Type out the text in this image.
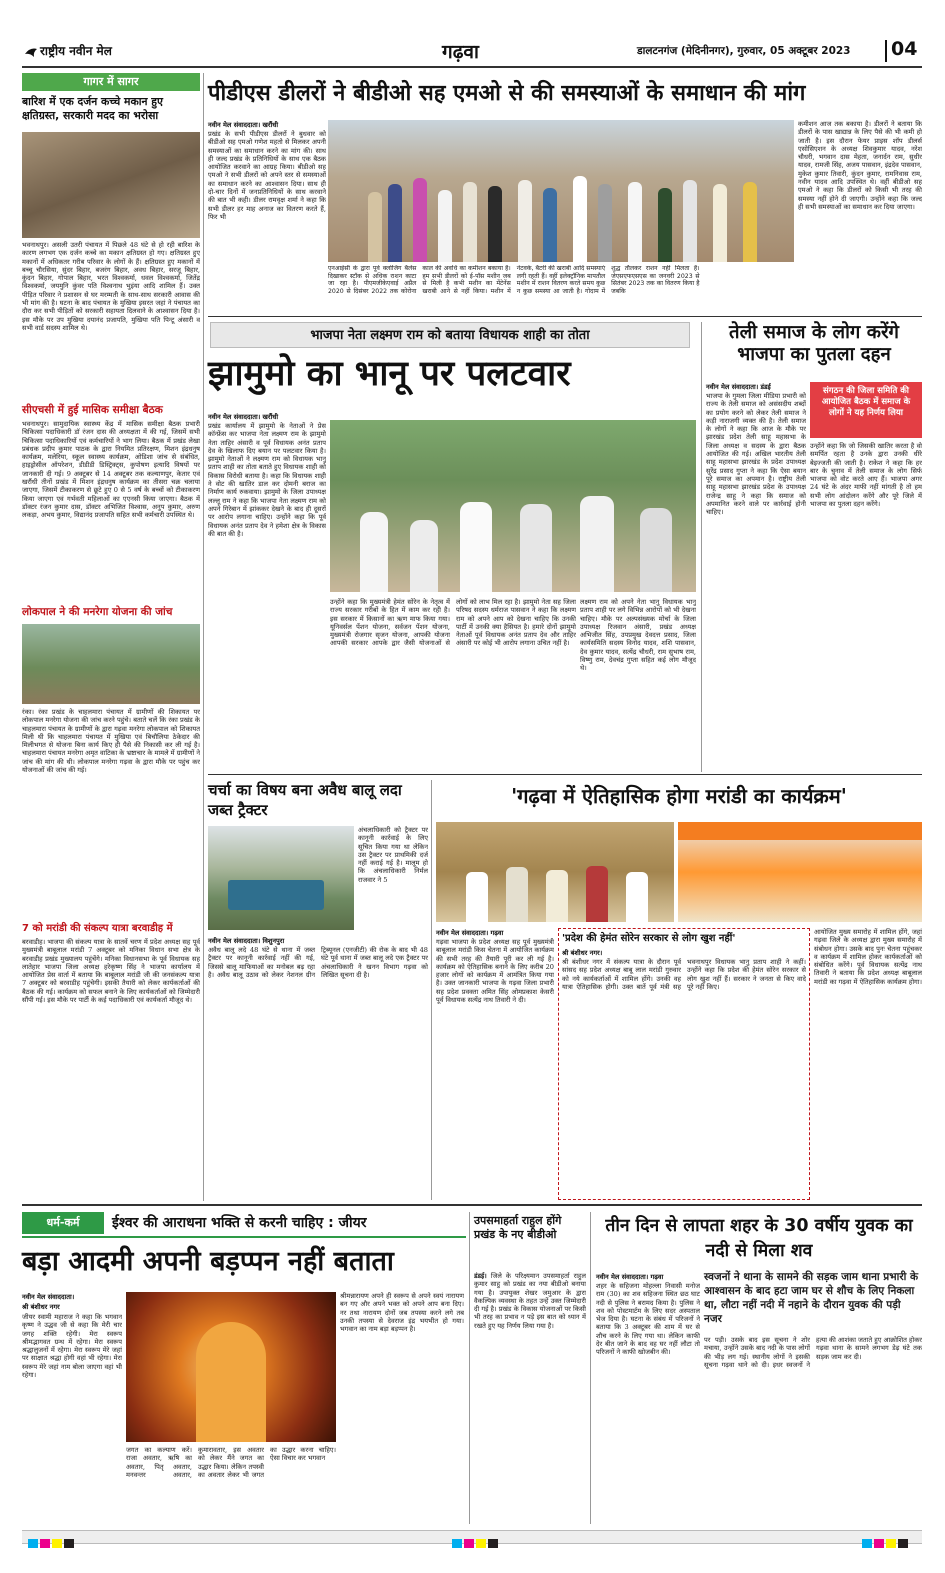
राष्ट्रीय नवीन मेल	गढ़वा	डालटनगंज (मेदिनीनगर), गुरुवार, 05 अक्टूबर 2023 04
गागर में सागर
बारिश में एक दर्जन कच्चे मकान हुए क्षतिग्रस्त, सरकारी मदद का भरोसा
भवनाथपुर। असली उतरी पंचायत में पिछले 48 घंटे से हो रही बारिश के कारण लगभग एक दर्जन कच्चे का मकान क्षतिग्रस्त हो गए। क्षतिग्रस्त हुए मकानों में अधिकतर गरीब परिवार के लोगों के हैं। क्षतिग्रस्त हुए मकानों में बच्चू चौरसिया, सुंदर बिहार, बजरंग बिहार, अवध बिहार, सरजू बिहार, कुंदन बिहार, गोपाल बिहार, भरत विश्वकर्मा, धवल विश्वकर्मा, जितेंद्र विश्वकर्मा, जयमुनि कुंवर पति विश्वनाथ भुइंया आदि शामिल हैं। उक्त पीड़ित परिवार ने प्रशासन से घर मरम्मती के साथ-साथ सरकारी आवास की भी मांग की है। घटना के बाद पंचायत के मुखिया इसरत जहां ने पंचायत का दौरा कर सभी पीड़ितों को सरकारी सहायता दिलवाने के आश्वासन दिया है। इस मौके पर उप मुखिया दयानंद प्रजापति, मुखिया पति पिन्टू अंसारी व सभी वार्ड सदस्य शामिल थे।
सीएचसी में हुई मासिक समीक्षा बैठक
भवनाथपुर। सामुदायिक स्वास्थ्य केंद्र में मासिक समीक्षा बैठक प्रभारी चिकित्सा पदाधिकारी डॉ रंजन दास की अध्यक्षता में की गई, जिसमें सभी चिकित्सा पदाधिकारियों एवं कर्मचारियों ने भाग लिया। बैठक में प्रखंड लेखा प्रबंधक प्रदीप कुमार पाठक के द्वारा नियमित प्रतिरक्षण, मिशन इंद्रधनुष कार्यक्रम, मलेरिया, स्कूल स्वास्थ्य कार्यक्रम, ओडिशा जांच से संबंधित, हाइड्रोसील ऑपरेशन, डीडीडी डिस्ट्रिक्ट्स, कुपोषण इत्यादि विषयों पर जानकारी दी गई। 9 अक्टूबर से 14 अक्टूबर तक कल्याणपुर, केतार एवं खरौंधी तीनों प्रखंड में मिशन इंद्रधनुष कार्यक्रम का तीसरा चक्र चलाया जाएगा, जिसमें टीकाकरण से छूटे हुए 0 से 5 वर्ष के बच्चों को टीकाकरण किया जाएगा एवं गर्भवती महिलाओं का एएनसी किया जाएगा। बैठक में डॉक्टर रंजन कुमार दास, डॉक्टर अभिजित विश्वास, अनुप कुमार, अरुण लकड़ा, अभय कुमार, विद्यानंद प्रजापति सहित सभी कर्मचारी उपस्थित थे।
लोकपाल ने की मनरेगा योजना की जांच
रंका। रंका प्रखंड के चाहलमारा पंचायत में ग्रामीणों की शिकायत पर लोकपाल मनरेगा योजना की जांच करने पहुंचे। बताते चलें कि रंका प्रखंड के चाहलमारा पंचायत के ग्रामीणों के द्वारा गढ़वा मनरेगा लोकपाल को शिकायत मिली थी कि चाहलमारा पंचायत में मुखिया एवं बिचौलिया ठेकेदार की मिलीभगत से योजना बिना कार्य किए ही पैसे की निकासी कर ली गई है। चाहलमारा पंचायत मनरेगा अमृत वाटिका के भ्रष्टाचार के मामले में ग्रामीणों ने जांच की मांग की थी। लोकपाल मनरेगा गढ़वा के द्वारा मौके पर पहुंच कर योजनाओं की जांच की गई।
7 को मरांडी की संकल्प यात्रा बरवाडीह में
बरवाडीह। भाजपा की संकल्प यात्रा के सातवें चरण में प्रदेश अध्यक्ष सह पूर्व मुख्यमंत्री बाबूलाल मरांडी 7 अक्टूबर को मनिका विधान सभा क्षेत्र के बरवाडीह प्रखंड मुख्यालय पहुंचेंगे। मनिका विधानसभा के पूर्व विधायक सह लातेहार भाजपा जिला अध्यक्ष हरेकृष्ण सिंह ने भाजपा कार्यालय में आयोजित प्रेस वार्ता में बताया कि बाबूलाल मरांडी जी की जनसंकल्प यात्रा 7 अक्टूबर को बरवाडीह पहुंचेगी। इसकी तैयारी को लेकर कार्यकर्ताओं की बैठक की गई। कार्यक्रम को सफल बनाने के लिए कार्यकर्ताओं को जिम्मेदारी सौंपी गई। इस मौके पर पार्टी के कई पदाधिकारी एवं कार्यकर्ता मौजूद थे।
पीडीएस डीलरों ने बीडीओ सह एमओ से की समस्याओं के समाधान की मांग
नवीन मेल संवाददाता। खरौंधी
प्रखंड के सभी पीडीएस डीलरों ने बुधवार को बीडीओ सह एमओ गणेश महतो से मिलकर अपनी समस्याओं का समाधान करने का मांग की। साथ ही जल्द प्रखंड के प्रतिनिधियों के साथ एक बैठक आयोजित करवाने का आग्रह किया। बीडीओ सह एमओ ने सभी डीलरों को अपने स्तर से समस्याओं का समाधान करने का आश्वासन दिया। साथ ही दो-चार दिनों में जनप्रतिनिधियों के साथ करवाने की बात भी कही। डीलर रामवृक्ष शर्मा ने कहा कि सभी डीलर हर माह अनाज का वितरण करते हैं, फिर भी
एनआईसी के द्वारा पूर्व क्लोजिंग बैलेंस दिखाकर स्टॉक से अधिक राशन काटा जा रहा है। पीएमजीकेएवाई अप्रैल 2020 से दिसंबर 2022 तक कोरोना काल की अवधि का कमीशन बकाया है। हम सभी डीलरों को ई-पॉस मशीन जब से मिली है कभी मशीन का मेंटेनेंस खराबी आने से नहीं किया। मशीन में नेटवर्क, बैटरी की खराबी आदि समस्याएं लगी रहती हैं। वहीं इलेक्ट्रॉनिक मापतौल मशीन में राशन वितरण करते समय कुछ न कुछ समस्या आ जाती है। गोदाम में शुद्ध तौलकर राशन नहीं मिलता है। जेएसएफएसएस का जनवरी 2023 से सितंबर 2023 तक का वितरण किया है जबकि
कमीशन आज तक बकाया है। डीलरों ने बताया कि डीलरों के पास खाद्यान्न के लिए पैसे की भी कमी हो जाती है। इस दौरान फेयर प्राइस शॉप डीलर्स एसोसिएशन के अध्यक्ष शिवकुमार यादव, नरेश चौधरी, भगवान दास मेहता, जनार्दन राम, सुधीर यादव, रामजी सिंह, अजय पासवान, इंद्रदेव पासवान, मुकेश कुमार तिवारी, कुंदन कुमार, रामनिवास राम, नवीन यादव आदि उपस्थित थे। वहीं बीडीओ सह एमओ ने कहा कि डीलरों को किसी भी तरह की समस्या नहीं होने दी जाएगी। उन्होंने कहा कि जल्द ही सभी समस्याओं का समाधान कर दिया जाएगा।
भाजपा नेता लक्ष्मण राम को बताया विधायक शाही का तोता
झामुमो का भानू पर पलटवार
नवीन मेल संवाददाता। खरौंधी
प्रखंड कार्यालय में झामुमो के नेताओं ने प्रेस कॉन्फ्रेंस कर भाजपा नेता लक्ष्मण राम के झामुमो नेता ताहिर अंसारी व पूर्व विधायक अनंत प्रताप देव के खिलाफ दिए बयान पर पलटवार किया है। झामुमो नेताओं ने लक्ष्मण राम को विधायक भानु प्रताप शाही का तोता बताते हुए विधायक शाही को विकास विरोधी बताया है। कहा कि विधायक शाही ने वोट की खातिर डाल कर दोमनी बराज का निर्माण कार्य रुकवाया। झामुमो के जिला उपाध्यक्ष लल्लू राम ने कहा कि भाजपा नेता लक्ष्मण राम को अपने गिरेबान में झांककर देखने के बाद ही दूसरों पर आरोप लगाना चाहिए। उन्होंने कहा कि पूर्व विधायक अनंत प्रताप देव ने हमेशा क्षेत्र के विकास की बात की है।
उन्होंने कहा कि मुख्यमंत्री हेमंत सोरेन के नेतृत्व में राज्य सरकार गरीबों के हित में काम कर रही है। इस सरकार में किसानों का ऋण माफ किया गया। यूनिवर्सल पेंशन योजना, सर्वजन पेंशन योजना, मुख्यमंत्री रोजगार सृजन योजना, आपकी योजना आपकी सरकार आपके द्वार जैसी योजनाओं से लोगों को लाभ मिल रहा है। झामुमो नेता सह जिला परिषद सदस्य धर्मराज पासवान ने कहा कि लक्ष्मण राम को अपने आप को देखना चाहिए कि उनकी पार्टी में उनकी क्या हैसियत है। हमारे दोनों झामुमो नेताओं पूर्व विधायक अनंत प्रताप देव और ताहिर अंसारी पर कोई भी आरोप लगाना उचित नहीं है।
लक्ष्मण राम को अपने नेता भानु विधायक भानु प्रताप शाही पर लगे विभिन्न आरोपों को भी देखना चाहिए। मौके पर अल्पसंख्यक मोर्चा के जिला उपाध्यक्ष रिजवान अंसारी, प्रखंड अध्यक्ष अभिजीत सिंह, उपप्रमुख देवदत्त प्रसाद, जिला कार्यसमिति सदस्य विनोद यादव, शशि पासवान, देव कुमार यादव, सत्येंद्र चौधरी, राम सुभाष राम, विष्णु राम, देवचंद्र गुप्ता सहित कई लोग मौजूद थे।
तेली समाज के लोग करेंगे भाजपा का पुतला दहन
नवीन मेल संवाददाता। डंडई
भाजपा के गुमला जिला मीडिया प्रभारी को राज्य के तेली समाज को असंसदीय शब्दों का प्रयोग करने को लेकर तेली समाज ने कड़ी नाराजगी व्यक्त की है। तेली समाज के लोगों ने कहा कि आज के मौके पर झारखंड प्रदेश तेली साहू महासभा के जिला अध्यक्ष व सदस्य के द्वारा बैठक आयोजित की गई। अखिल भारतीय तेली साहू महासभा झारखंड के प्रदेश उपाध्यक्ष सुरेंद्र प्रसाद गुप्ता ने कहा कि ऐसा बयान पूरे समाज का अपमान है। राष्ट्रीय तेली साहू महासभा झारखंड प्रदेश के उपाध्यक्ष राजेन्द्र साहू ने कहा कि समाज को अपमानित करने वाले पर कार्रवाई होनी चाहिए।
संगठन की जिला समिति की आयोजित बैठक में समाज के लोगों ने यह निर्णय लिया
उन्होंने कहा कि जो जिसकी खातिर करता है वो समर्पित रहता है उनके द्वारा उनकी धीरे बेइज्जती की जाती है। राकेश ने कहा कि हर बार के चुनाव में तेली समाज के लोग सिर्फ भाजपा को वोट करते आए हैं। भाजपा अगर 24 घंटे के अंदर माफी नहीं मांगती है तो हम सभी लोग आंदोलन करेंगे और पूरे जिले में भाजपा का पुतला दहन करेंगे।
चर्चा का विषय बना अवैध बालू लदा जब्त ट्रैक्टर
अंचलाधिकारी को ट्रैक्टर पर कानूनी कार्रवाई के लिए सूचित किया गया था लेकिन उस ट्रैक्टर पर प्राथमिकी दर्ज नहीं कराई गई है। मालूम हो कि अंचलाधिकारी निर्मल राजवार ने 5
नवीन मेल संवाददाता। विशुनपुरा
अवैध बालू लदे 48 घंटे से थाना में जब्त ट्रैक्टर पर कानूनी कार्रवाई नहीं की गई, जिससे बालू माफियाओं का मनोबल बढ़ रहा है। अवैध बालू उठाव को लेकर नेशनल ग्रीन ट्रिब्यूनल (एनजीटी) की रोक के बाद भी 48 घंटे पूर्व थाना में जब्त बालू लदे एक ट्रैक्टर पर अंचलाधिकारी ने खनन विभाग गढ़वा को लिखित सूचना दी है।
'गढ़वा में ऐतिहासिक होगा मरांडी का कार्यक्रम'
नवीन मेल संवाददाता। गढ़वा
गढ़वा भाजपा के प्रदेश अध्यक्ष सह पूर्व मुख्यमंत्री बाबूलाल मरांडी किस चेतना में आयोजित कार्यक्रम की सभी तरह की तैयारी पूरी कर ली गई है। कार्यक्रम को ऐतिहासिक बनाने के लिए करीब 20 हजार लोगों को कार्यक्रम में आमंत्रित किया गया है। उक्त जानकारी भाजपा के गढ़वा जिला प्रभारी सह प्रदेश प्रवक्ता अमित सिंह ओमप्रकाश केसरी पूर्व विधायक सत्येंद्र नाथ तिवारी ने दी।
'प्रदेश की हेमंत सोरेन सरकार से लोग खुश नहीं'
श्री बंशीधर नगर।
श्री बंशीधर नगर में संकल्प यात्रा के दौरान पूर्व सांसद सह प्रदेश अध्यक्ष बाबू लाल मरांडी गुरुवार को नये कार्यकर्ताओं में शामिल होंगे। उनकी वह यात्रा ऐतिहासिक होगी। उक्त बातें पूर्व मंत्री सह भवनाथपुर विधायक भानु प्रताप शाही ने कहीं। उन्होंने कहा कि प्रदेश की हेमंत सोरेन सरकार से लोग खुश नहीं हैं। सरकार ने जनता से किए वादे पूरे नहीं किए।
आयोजित मुख्य समारोह में शामिल होंगे, जहां गढ़वा जिले के अध्यक्ष द्वारा मुख्य समारोह में संबोधन होगा। उसके बाद पुनः चेतना पहुंचकर व कार्यक्रम में शामिल होकर कार्यकर्ताओं को संबोधित करेंगे। पूर्व विधायक सत्येंद्र नाथ तिवारी ने बताया कि प्रदेश अध्यक्ष बाबूलाल मरांडी का गढ़वा में ऐतिहासिक कार्यक्रम होगा।
धर्म-कर्म	ईश्वर की आराधना भक्ति से करनी चाहिए : जीयर
बड़ा आदमी अपनी बड़प्पन नहीं बताता
नवीन मेल संवाददाता।
श्री बंशीधर नगर
जीयर स्वामी महाराज ने कहा कि भगवान कृष्ण ने उद्धव जी से कहा कि मेरी चार जगह शक्ति रहेगी। मेरा स्वरूप श्रीमद्भागवत ग्रन्थ में रहेगा। मेरा स्वरूप श्रद्धालुजनों में रहेगा। मेरा स्वरूप मेरे जहां पर साक्षात श्रद्धा होगी वहां भी रहेगा। मेरा स्वरूप मेरे जहां नाम बोला जाएगा वहां भी रहेगा।
जगत का कल्याण करें। राजा अवतार, ऋषि का अवतार, पितृ अवतार, मनवन्तर अवतार, कुमारावतार, इस अवतार को लेकर मैंने जगत का उद्धार किया। लेकिन तपस्वी का अवतार लेकर भी जगत का उद्धार करना चाहिए। ऐसा विचार कर भगवान
श्रीमन्नारायण अपने ही स्वरूप से अपने स्वयं नारायण बन गए और अपने भक्त को अपने आप बना दिए। नर तथा नारायण दोनों जब तपस्या करने लगे तब उनकी तपस्या से देवराज इंद्र भयभीत हो गया। भगवान का नाम बड़ा बड़प्पन है।
उपसमाहर्ता राहुल होंगे प्रखंड के नए बीडीओ
डंडई। जिले के परिक्ष्यमान उपसमाहर्ता राहुल कुमार साहु को प्रखंड का नया बीडीओ बनाया गया है। उपायुक्त शेखर जमुआर के द्वारा वैकल्पिक व्यवस्था के तहत उन्हें उक्त जिम्मेदारी दी गई है। प्रखंड के विकास योजनाओं पर किसी भी तरह का प्रभाव न पड़े इस बात को ध्यान में रखते हुए यह निर्णय लिया गया है।
तीन दिन से लापता शहर के 30 वर्षीय युवक का नदी से मिला शव
नवीन मेल संवाददाता। गढ़वा
शहर के सहिजना मोहल्ला निवासी मनोज राम (30) का शव सहिजना स्थित छठ घाट नदी से पुलिस ने बरामद किया है। पुलिस ने शव को पोस्टमार्टम के लिए सदर अस्पताल भेज दिया है। घटना के संबंध में परिजनों ने बताया कि 3 अक्टूबर की शाम में घर से शौच करने के लिए गया था। लेकिन काफी देर बीत जाने के बाद वह घर नहीं लौटा तो परिजनों ने काफी खोजबीन की।
स्वजनों ने थाना के सामने की सड़क जाम थाना प्रभारी के आश्वासन के बाद हटा जाम घर से शौच के लिए निकला था, लौटा नहीं नदी में नहाने के दौरान युवक की पड़ी नजर
पर पड़ी। उसके बाद इस सूचना ने शोर मचाया, उन्होंने उसके बाद नदी के पास लोगों की भीड़ लग गई। स्थानीय लोगों ने इसकी सूचना गढ़वा थाने को दी। इधर स्वजनों ने हत्या की आशंका जताते हुए आक्रोशित होकर गढ़वा थाना के सामने लगभग डेढ़ घंटे तक सड़क जाम कर दी।
